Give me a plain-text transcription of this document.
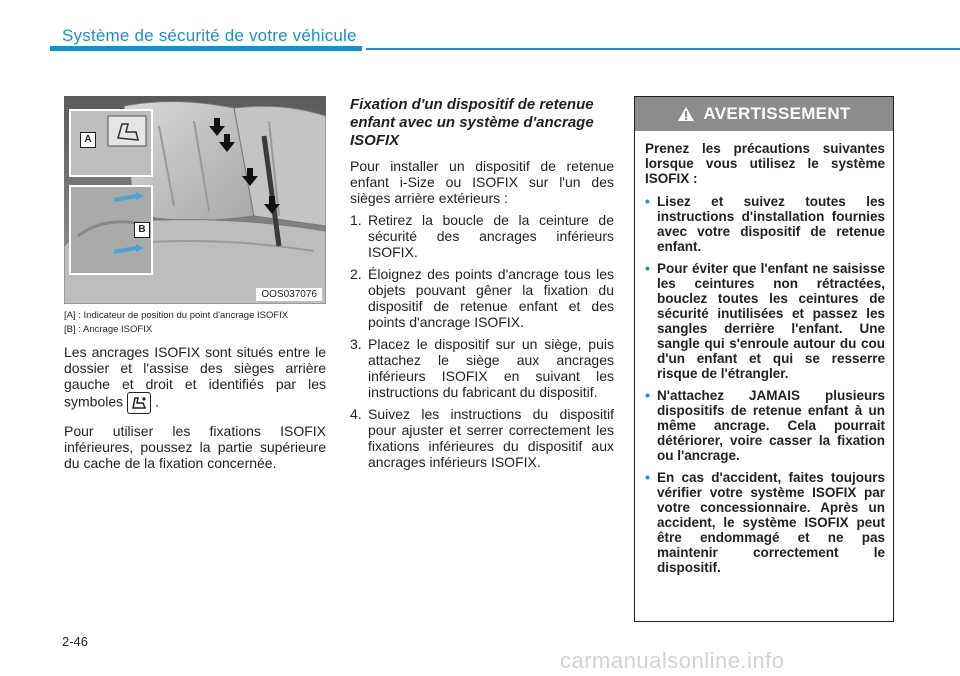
Système de sécurité de votre véhicule
A
B
OOS037076
[A] : Indicateur de position du point d'ancrage ISOFIX
[B] : Ancrage ISOFIX

Les ancrages ISOFIX sont situés entre le dossier et l'assise des sièges arrière gauche et droit et identifiés par les symboles .

Pour utiliser les fixations ISOFIX inférieures, poussez la partie supérieure du cache de la fixation concernée.

Fixation d'un dispositif de retenue enfant avec un système d'ancrage ISOFIX
Pour installer un dispositif de retenue enfant i-Size ou ISOFIX sur l'un des sièges arrière extérieurs :
1. Retirez la boucle de la ceinture de sécurité des ancrages inférieurs ISOFIX.
2. Éloignez des points d'ancrage tous les objets pouvant gêner la fixation du dispositif de retenue enfant et des points d'ancrage ISOFIX.
3. Placez le dispositif sur un siège, puis attachez le siège aux ancrages inférieurs ISOFIX en suivant les instructions du fabricant du dispositif.
4. Suivez les instructions du dispositif pour ajuster et serrer correctement les fixations inférieures du dispositif aux ancrages inférieurs ISOFIX.
AVERTISSEMENT
Prenez les précautions suivantes lorsque vous utilisez le système ISOFIX :
• Lisez et suivez toutes les instructions d'installation fournies avec votre dispositif de retenue enfant.
• Pour éviter que l'enfant ne saisisse les ceintures non rétractées, bouclez toutes les ceintures de sécurité inutilisées et passez les sangles derrière l'enfant. Une sangle qui s'enroule autour du cou d'un enfant et qui se resserre risque de l'étrangler.
• N'attachez JAMAIS plusieurs dispositifs de retenue enfant à un même ancrage. Cela pourrait détériorer, voire casser la fixation ou l'ancrage.
• En cas d'accident, faites toujours vérifier votre système ISOFIX par votre concessionnaire. Après un accident, le système ISOFIX peut être endommagé et ne pas maintenir correctement le dispositif.
2-46
carmanualsonline.info
